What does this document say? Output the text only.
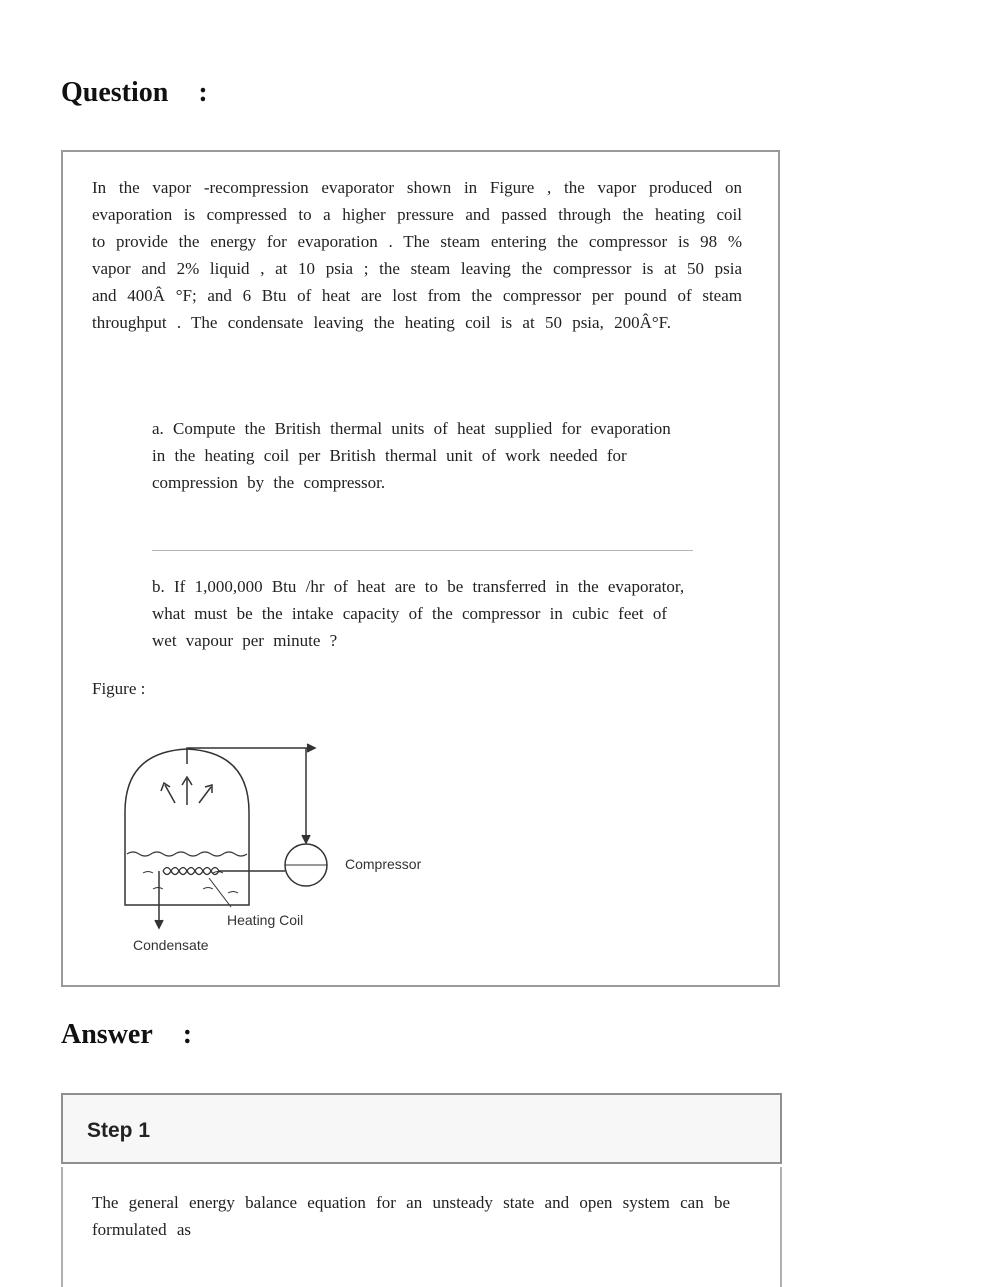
Question :

In the vapor -recompression evaporator shown in Figure , the vapor produced on evaporation is compressed to a higher pressure and passed through the heating coil to provide the energy for evaporation . The steam entering the compressor is 98 % vapor and 2% liquid , at 10 psia ; the steam leaving the compressor is at 50 psia and 400Â °F; and 6 Btu of heat are lost from the compressor per pound of steam throughput . The condensate leaving the heating coil is at 50 psia, 200Â°F.

a. Compute the British thermal units of heat supplied for evaporation in the heating coil per British thermal unit of work needed for compression by the compressor.

b. If 1,000,000 Btu /hr of heat are to be transferred in the evaporator, what must be the intake capacity of the compressor in cubic feet of wet vapour per minute ?

Figure :

Compressor
Heating Coil
Condensate
Answer :

Step 1

The general energy balance equation for an unsteady state and open system can be formulated as
